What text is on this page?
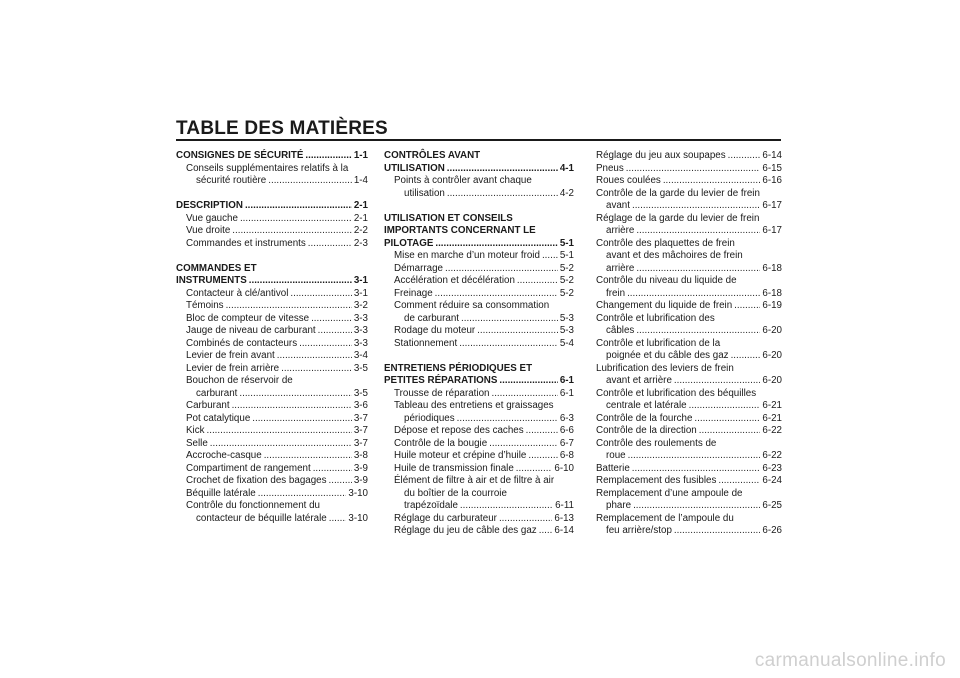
TABLE DES MATIÈRES
CONSIGNES DE SÉCURITÉ .....	1-1
Conseils supplémentaires relatifs à la
sécurité routière .....	1-4
DESCRIPTION .....	2-1
Vue gauche .....	2-1
Vue droite .....	2-2
Commandes et instruments .....	2-3
COMMANDES ET
INSTRUMENTS .....	3-1
Contacteur à clé/antivol .....	3-1
Témoins .....	3-2
Bloc de compteur de vitesse .....	3-3
Jauge de niveau de carburant .....	3-3
Combinés de contacteurs .....	3-3
Levier de frein avant .....	3-4
Levier de frein arrière .....	3-5
Bouchon de réservoir de
carburant .....	3-5
Carburant .....	3-6
Pot catalytique .....	3-7
Kick .....	3-7
Selle .....	3-7
Accroche-casque .....	3-8
Compartiment de rangement .....	3-9
Crochet de fixation des bagages .....	3-9
Béquille latérale .....	3-10
Contrôle du fonctionnement du
contacteur de béquille latérale ..... 3-10
CONTRÔLES AVANT
UTILISATION .....	4-1
Points à contrôler avant chaque
utilisation .....	4-2
UTILISATION ET CONSEILS
IMPORTANTS CONCERNANT LE
PILOTAGE .....	5-1
Mise en marche d’un moteur froid ..... 5-1
Démarrage .....	5-2
Accélération et décélération .....	5-2
Freinage .....	5-2
Comment réduire sa consommation
de carburant .....	5-3
Rodage du moteur .....	5-3
Stationnement .....	5-4
ENTRETIENS PÉRIODIQUES ET
PETITES RÉPARATIONS .....	6-1
Trousse de réparation .....	6-1
Tableau des entretiens et graissages
périodiques .....	6-3
Dépose et repose des caches .....	6-6
Contrôle de la bougie .....	6-7
Huile moteur et crépine d’huile .....	6-8
Huile de transmission finale .....	6-10
Élément de filtre à air et de filtre à air
du boîtier de la courroie
trapézoïdale .....	6-11
Réglage du carburateur .....	6-13
Réglage du jeu de câble des gaz ..... 6-14
Réglage du jeu aux soupapes .....	6-14
Pneus .....	6-15
Roues coulées .....	6-16
Contrôle de la garde du levier de frein
avant .....	6-17
Réglage de la garde du levier de frein
arrière .....	6-17
Contrôle des plaquettes de frein
avant et des mâchoires de frein
arrière .....	6-18
Contrôle du niveau du liquide de
frein .....	6-18
Changement du liquide de frein .....	6-19
Contrôle et lubrification des
câbles .....	6-20
Contrôle et lubrification de la
poignée et du câble des gaz .....	6-20
Lubrification des leviers de frein
avant et arrière .....	6-20
Contrôle et lubrification des béquilles
centrale et latérale .....	6-21
Contrôle de la fourche .....	6-21
Contrôle de la direction .....	6-22
Contrôle des roulements de
roue .....	6-22
Batterie .....	6-23
Remplacement des fusibles .....	6-24
Remplacement d’une ampoule de
phare .....	6-25
Remplacement de l’ampoule du
feu arrière/stop .....	6-26
carmanualsonline.info
